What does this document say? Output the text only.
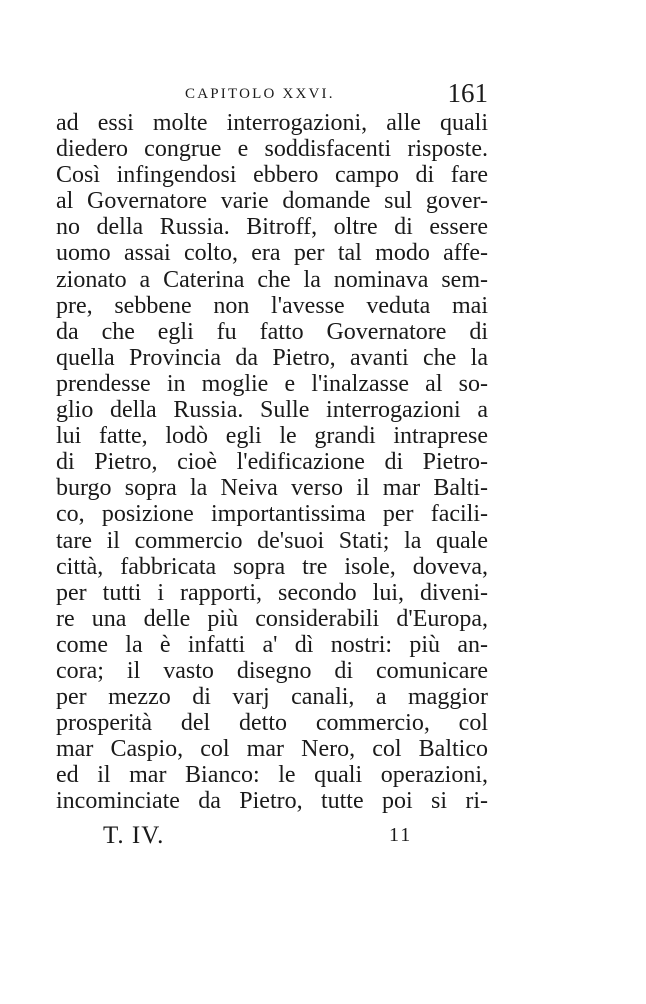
CAPITOLO XXVI.	161
ad essi molte interrogazioni, alle quali
diedero congrue e soddisfacenti risposte.
Così infingendosi ebbero campo di fare
al Governatore varie domande sul gover-
no della Russia. Bitroff, oltre di essere
uomo assai colto, era per tal modo affe-
zionato a Caterina che la nominava sem-
pre, sebbene non l'avesse veduta mai
da che egli fu fatto Governatore di
quella Provincia da Pietro, avanti che la
prendesse in moglie e l'inalzasse al so-
glio della Russia. Sulle interrogazioni a
lui fatte, lodò egli le grandi intraprese
di Pietro, cioè l'edificazione di Pietro-
burgo sopra la Neiva verso il mar Balti-
co, posizione importantissima per facili-
tare il commercio de'suoi Stati; la quale
città, fabbricata sopra tre isole, doveva,
per tutti i rapporti, secondo lui, diveni-
re una delle più considerabili d'Europa,
come la è infatti a' dì nostri: più an-
cora; il vasto disegno di comunicare
per mezzo di varj canali, a maggior
prosperità del detto commercio, col
mar Caspio, col mar Nero, col Baltico
ed il mar Bianco: le quali operazioni,
incominciate da Pietro, tutte poi si ri-
T. IV.	11
